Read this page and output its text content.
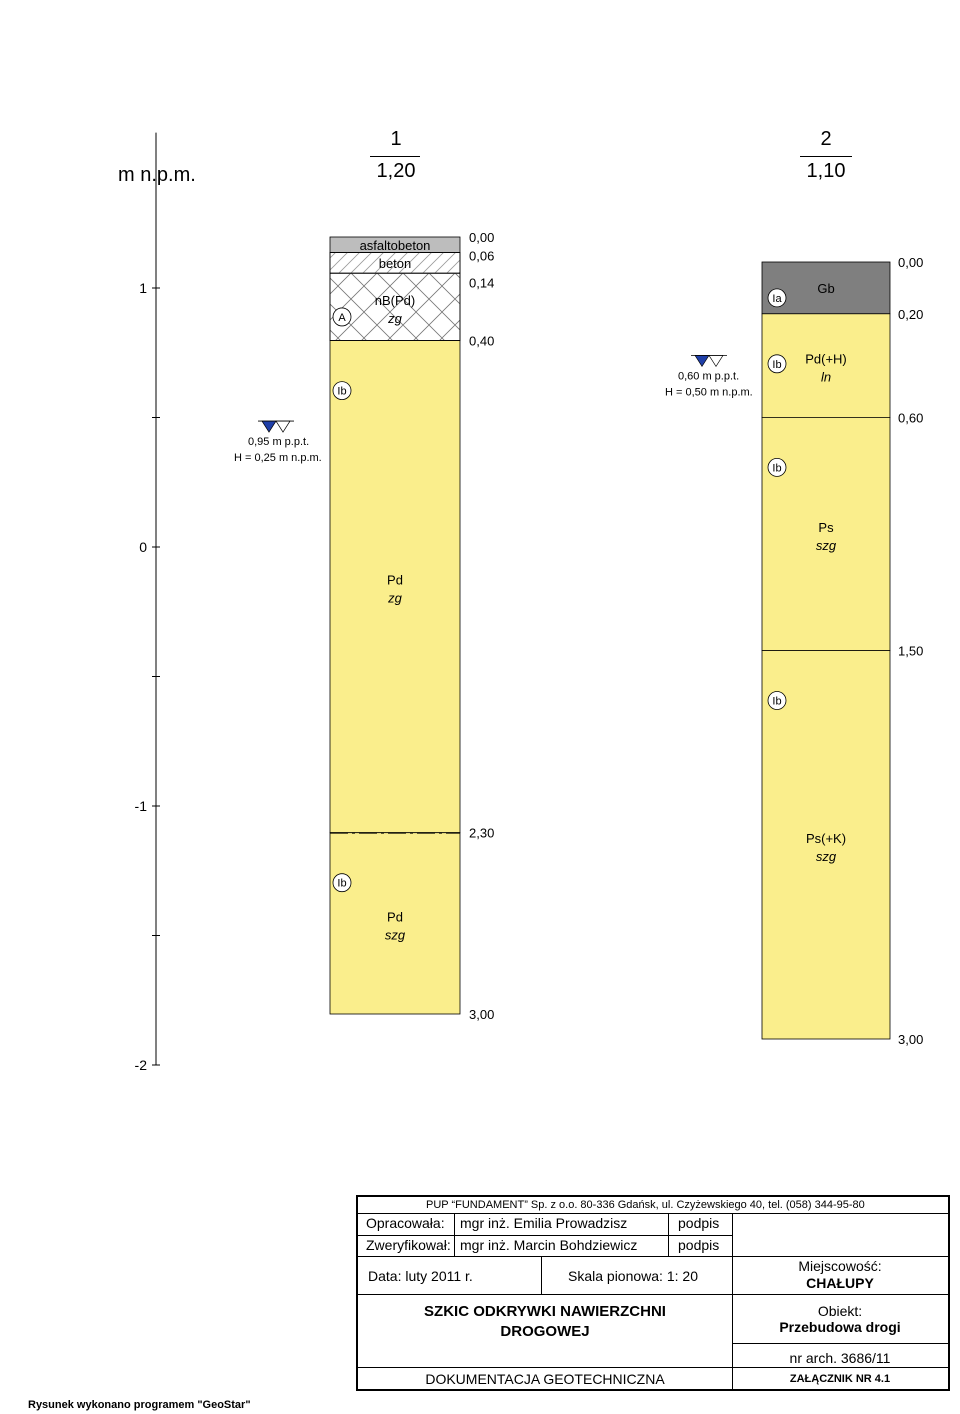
m n.p.m.
1
1,20
2
1,10
1
0
-1
-2
asfaltobeton
beton
nB(Pd)
zg
A
Pd
zg
Ib
Pd
szg
Ib
0,00
0,06
0,14
0,40
2,30
3,00
0,95 m p.p.t.
H = 0,25 m n.p.m.
Gb
Ia
Pd(+H)
ln
Ib
Ps
szg
Ib
Ps(+K)
szg
Ib
0,00
0,20
0,60
1,50
3,00
0,60 m p.p.t.
H = 0,50 m n.p.m.
PUP “FUNDAMENT” Sp. z o.o. 80-336 Gdańsk, ul. Czyżewskiego 40, tel. (058) 344-95-80
Opracowała: mgr inż. Emilia Prowadzisz	podpis
Zweryfikował: mgr inż. Marcin Bohdziewicz	podpis
Data: luty 2011 r.	Skala pionowa: 1: 20
Miejscowość:
CHAŁUPY
SZKIC ODKRYWKI NAWIERZCHNI
DROGOWEJ
Obiekt:
Przebudowa drogi
nr arch. 3686/11
DOKUMENTACJA GEOTECHNICZNA	ZAŁĄCZNIK NR 4.1
Rysunek wykonano programem "GeoStar"
